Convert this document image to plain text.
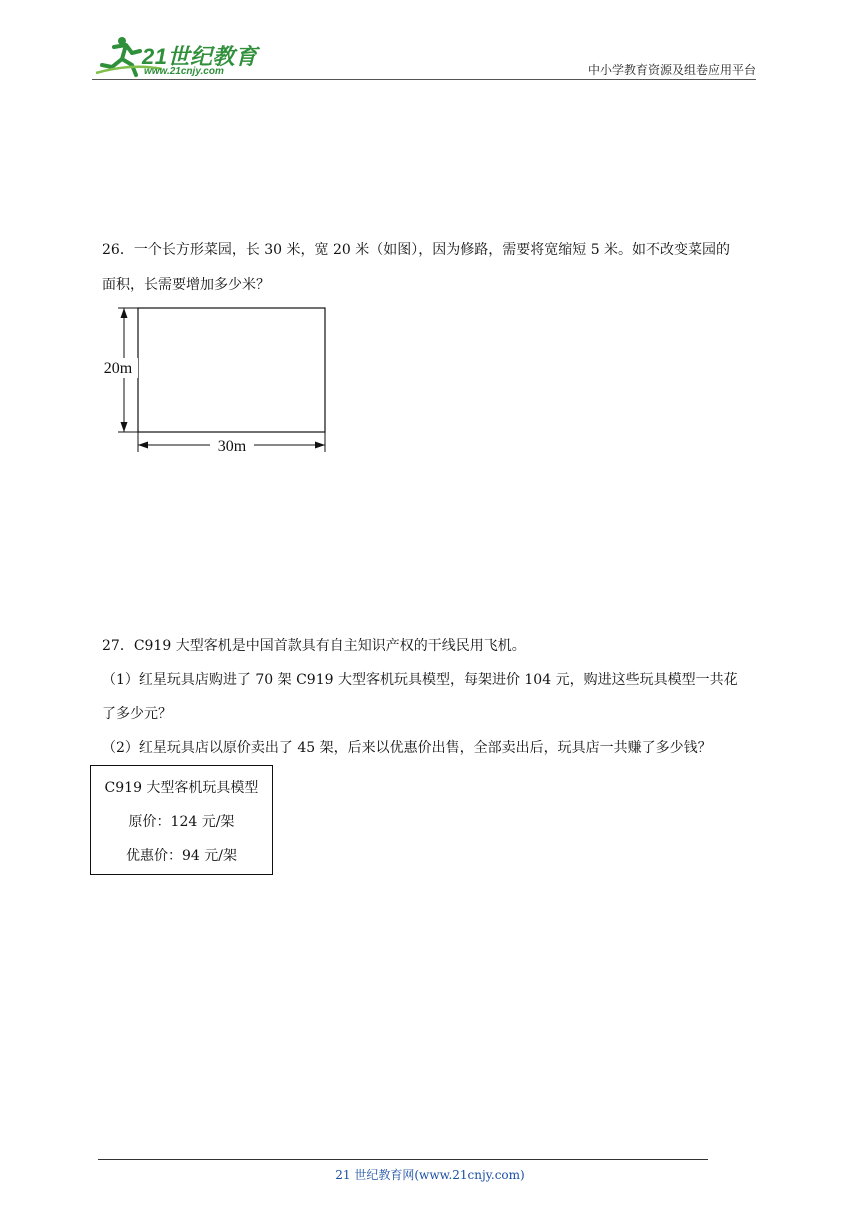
21世纪教育
www.21cnjy.com	中小学教育资源及组卷应用平台
26．一个长方形菜园，长 30 米，宽 20 米（如图），因为修路，需要将宽缩短 5 米。如不改变菜园的
面积，长需要增加多少米？
20m
30m
27．C919 大型客机是中国首款具有自主知识产权的干线民用飞机。
（1）红星玩具店购进了 70 架 C919 大型客机玩具模型，每架进价 104 元，购进这些玩具模型一共花
了多少元？
（2）红星玩具店以原价卖出了 45 架，后来以优惠价出售，全部卖出后，玩具店一共赚了多少钱？
C919 大型客机玩具模型
原价：124 元/架
优惠价：94 元/架
21 世纪教育网(www.21cnjy.com)
